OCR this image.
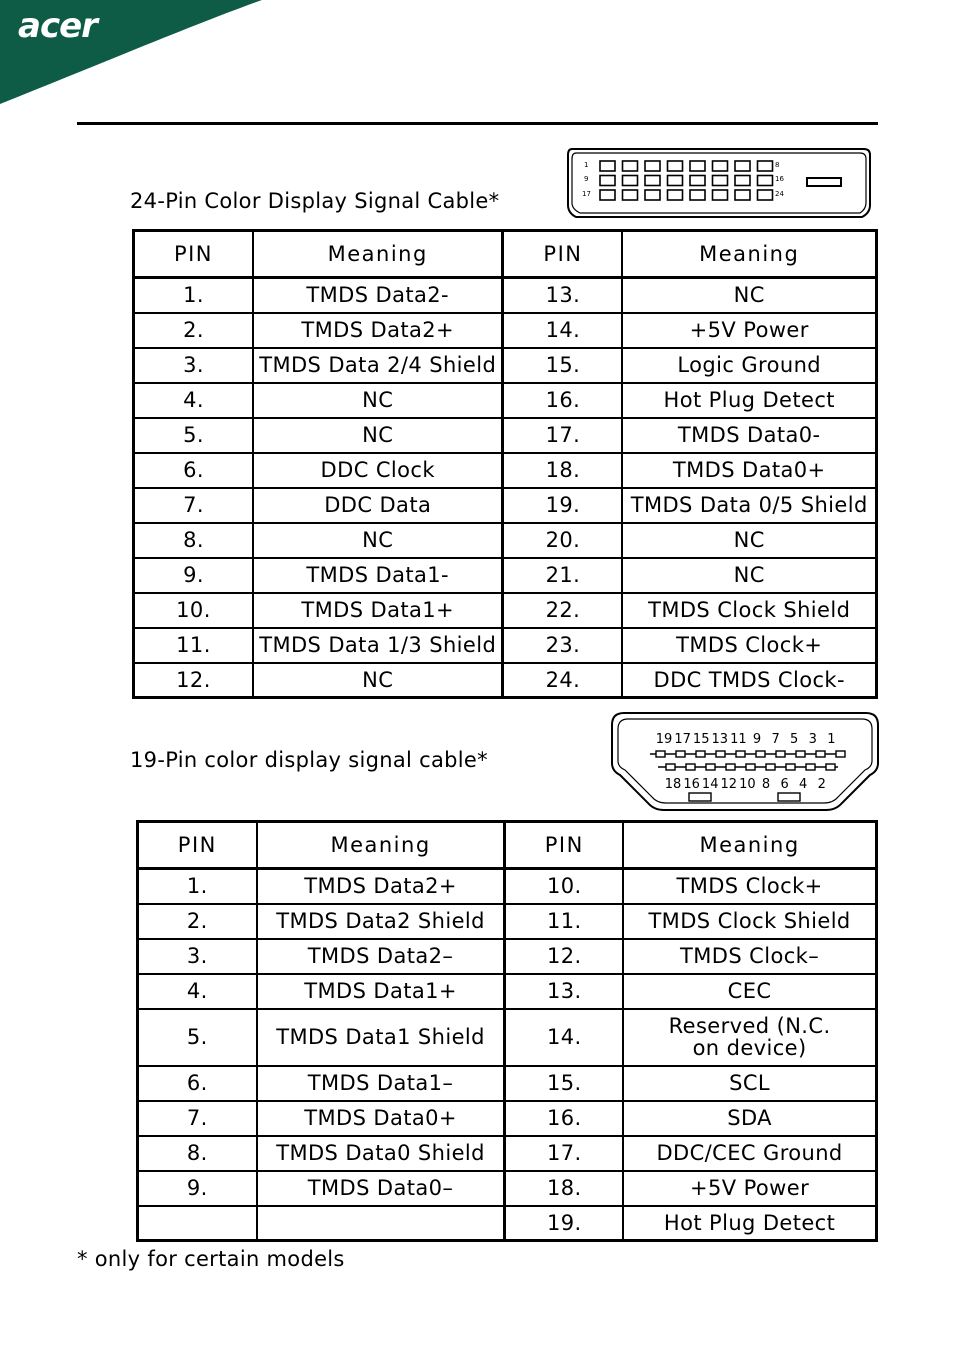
acer
24-Pin Color Display Signal Cable*
1
9
17
8
16
24
PIN	Meaning	PIN	Meaning
1.	TMDS Data2-	13.	NC
2.	TMDS Data2+	14.	+5V Power
3.	TMDS Data 2/4 Shield	15.	Logic Ground
4.	NC	16.	Hot Plug Detect
5.	NC	17.	TMDS Data0-
6.	DDC Clock	18.	TMDS Data0+
7.	DDC Data	19.	TMDS Data 0/5 Shield
8.	NC	20.	NC
9.	TMDS Data1-	21.	NC
10.	TMDS Data1+	22.	TMDS Clock Shield
11.	TMDS Data 1/3 Shield	23.	TMDS Clock+
12.	NC	24.	DDC TMDS Clock-
19-Pin color display signal cable*
19 17 15 13 11 9 7 5 3 1
18 16 14 12 10 8 6 4 2
PIN	Meaning	PIN	Meaning
1.	TMDS Data2+	10.	TMDS Clock+
2.	TMDS Data2 Shield	11.	TMDS Clock Shield
3.	TMDS Data2–	12.	TMDS Clock–
4.	TMDS Data1+	13.	CEC
5.	TMDS Data1 Shield	14.	Reserved (N.C. on device)
6.	TMDS Data1–	15.	SCL
7.	TMDS Data0+	16.	SDA
8.	TMDS Data0 Shield	17.	DDC/CEC Ground
9.	TMDS Data0–	18.	+5V Power
		19.	Hot Plug Detect
* only for certain models
